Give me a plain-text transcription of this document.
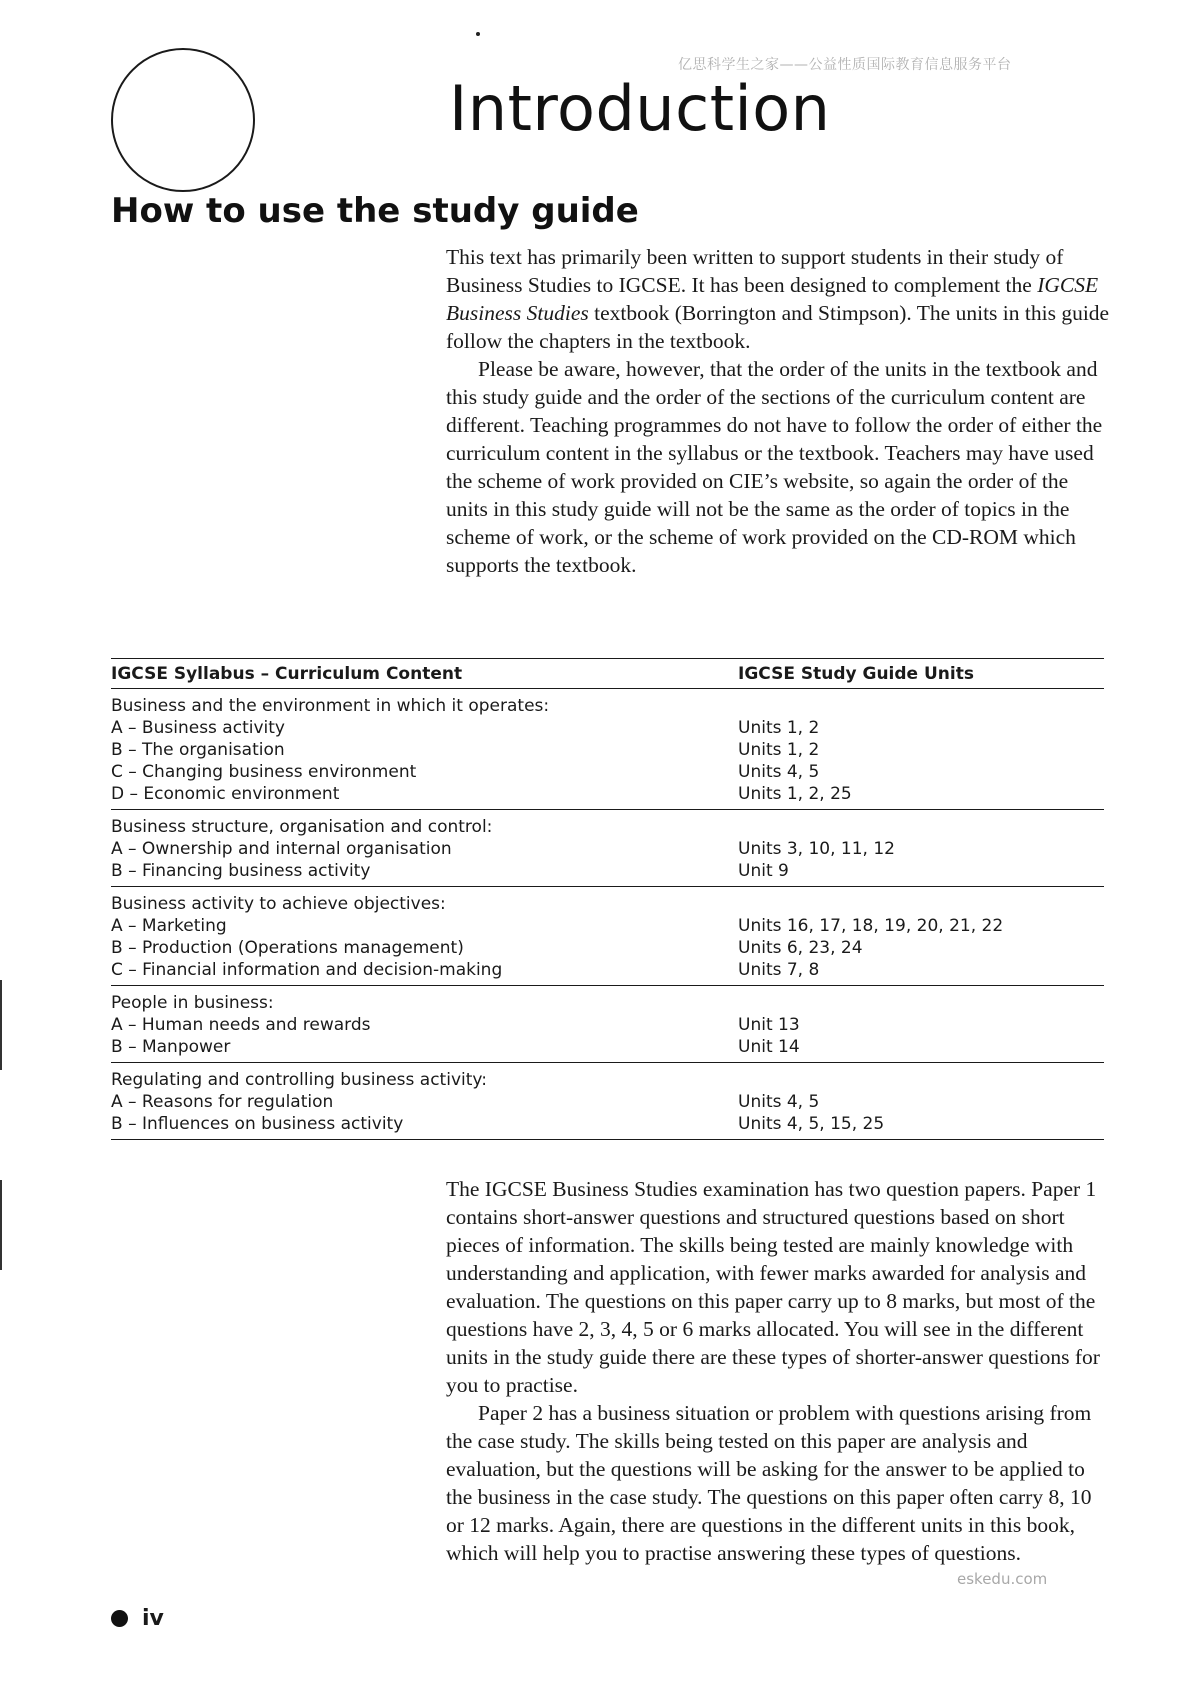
亿思科学生之家——公益性质国际教育信息服务平台
Introduction
How to use the study guide

This text has primarily been written to support students in their study of Business Studies to IGCSE. It has been designed to complement the IGCSE Business Studies textbook (Borrington and Stimpson). The units in this guide follow the chapters in the textbook.

Please be aware, however, that the order of the units in the textbook and this study guide and the order of the sections of the curriculum content are different. Teaching programmes do not have to follow the order of either the curriculum content in the syllabus or the textbook. Teachers may have used the scheme of work provided on CIE’s website, so again the order of the units in this study guide will not be the same as the order of topics in the scheme of work, or the scheme of work provided on the CD-ROM which supports the textbook.

IGCSE Syllabus – Curriculum Content	IGCSE Study Guide Units
Business and the environment in which it operates:
A – Business activity	Units 1, 2
B – The organisation	Units 1, 2
C – Changing business environment	Units 4, 5
D – Economic environment	Units 1, 2, 25
Business structure, organisation and control:
A – Ownership and internal organisation	Units 3, 10, 11, 12
B – Financing business activity	Unit 9
Business activity to achieve objectives:
A – Marketing	Units 16, 17, 18, 19, 20, 21, 22
B – Production (Operations management)	Units 6, 23, 24
C – Financial information and decision-making	Units 7, 8
People in business:
A – Human needs and rewards	Unit 13
B – Manpower	Unit 14
Regulating and controlling business activity:
A – Reasons for regulation	Units 4, 5
B – Influences on business activity	Units 4, 5, 15, 25

The IGCSE Business Studies examination has two question papers. Paper 1 contains short-answer questions and structured questions based on short pieces of information. The skills being tested are mainly knowledge with understanding and application, with fewer marks awarded for analysis and evaluation. The questions on this paper carry up to 8 marks, but most of the questions have 2, 3, 4, 5 or 6 marks allocated. You will see in the different units in the study guide there are these types of shorter-answer questions for you to practise.

Paper 2 has a business situation or problem with questions arising from the case study. The skills being tested on this paper are analysis and evaluation, but the questions will be asking for the answer to be applied to the business in the case study. The questions on this paper often carry 8, 10 or 12 marks. Again, there are questions in the different units in this book, which will help you to practise answering these types of questions.

eskedu.com
iv
